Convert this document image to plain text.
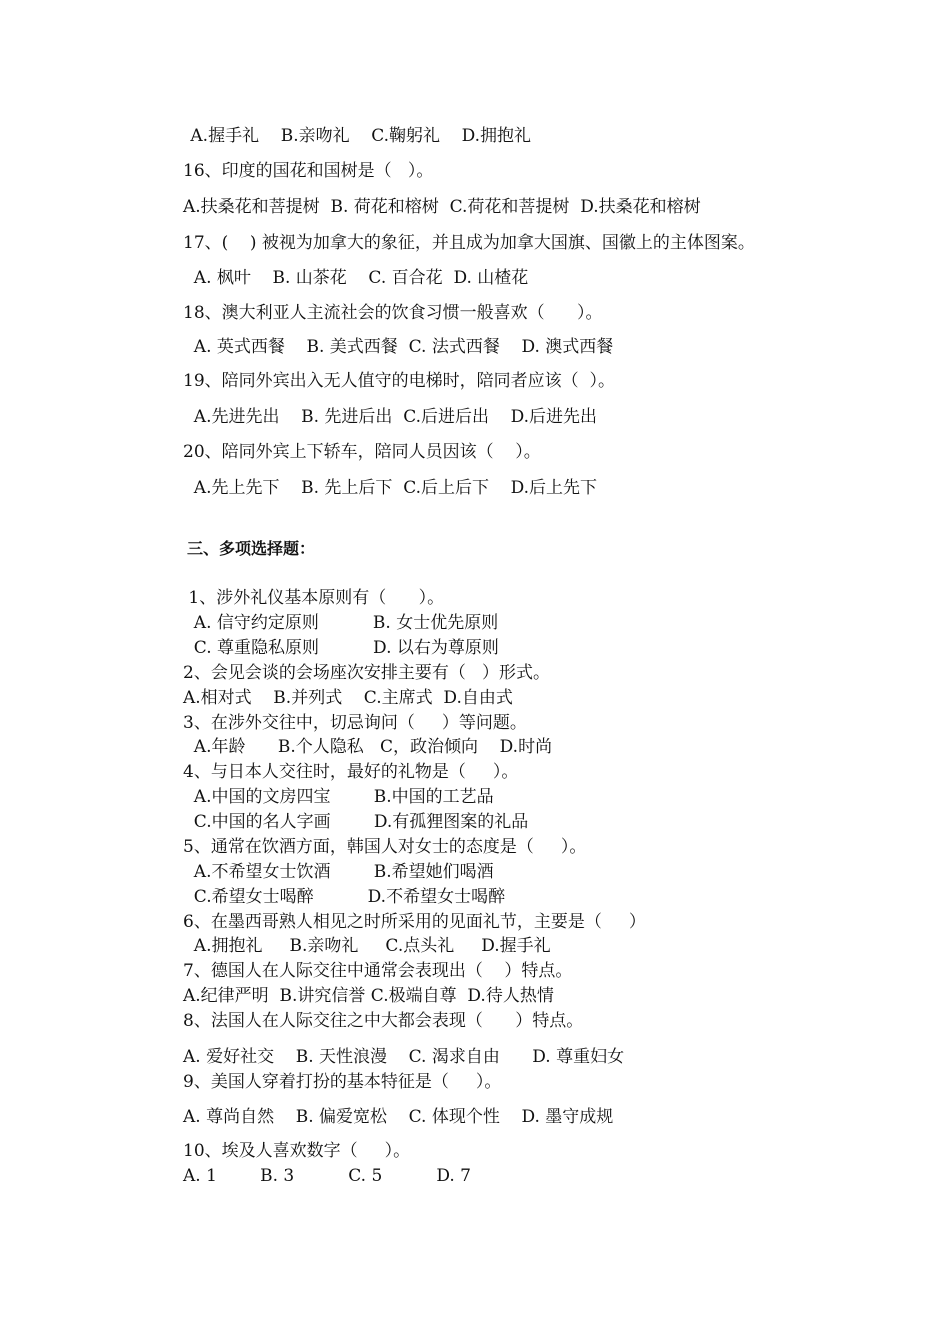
A.握手礼    B.亲吻礼    C.鞠躬礼    D.拥抱礼
16、印度的国花和国树是（   ）。
A.扶桑花和菩提树  B. 荷花和榕树  C.荷花和菩提树  D.扶桑花和榕树
17、(    ) 被视为加拿大的象征，并且成为加拿大国旗、国徽上的主体图案。
A. 枫叶    B. 山茶花    C. 百合花  D. 山楂花
18、澳大利亚人主流社会的饮食习惯一般喜欢（      ）。
A. 英式西餐    B. 美式西餐  C. 法式西餐    D. 澳式西餐
19、陪同外宾出入无人值守的电梯时，陪同者应该（  ）。
A.先进先出    B. 先进后出  C.后进后出    D.后进先出
20、陪同外宾上下轿车，陪同人员因该（    ）。
A.先上先下    B. 先上后下  C.后上后下    D.后上先下
三、多项选择题：
1、涉外礼仪基本原则有（      ）。
A. 信守约定原则          B. 女士优先原则
C. 尊重隐私原则          D. 以右为尊原则
2、会见会谈的会场座次安排主要有（   ）形式。
A.相对式    B.并列式    C.主席式  D.自由式
3、在涉外交往中，切忌询问（     ）等问题。
A.年龄      B.个人隐私   C，政治倾向    D.时尚
4、与日本人交往时，最好的礼物是（     ）。
A.中国的文房四宝        B.中国的工艺品
C.中国的名人字画        D.有孤狸图案的礼品
5、通常在饮酒方面，韩国人对女士的态度是（     ）。
A.不希望女士饮酒        B.希望她们喝酒
C.希望女士喝醉          D.不希望女士喝醉
6、在墨西哥熟人相见之时所采用的见面礼节，主要是（     ）
A.拥抱礼     B.亲吻礼     C.点头礼     D.握手礼
7、德国人在人际交往中通常会表现出（    ）特点。
A.纪律严明  B.讲究信誉 C.极端自尊  D.待人热情
8、法国人在人际交往之中大都会表现（      ）特点。
A. 爱好社交    B. 天性浪漫    C. 渴求自由      D. 尊重妇女
9、美国人穿着打扮的基本特征是（     ）。
A. 尊尚自然    B. 偏爱宽松    C. 体现个性    D. 墨守成规
10、埃及人喜欢数字（     ）。
A. 1        B. 3          C. 5          D. 7
